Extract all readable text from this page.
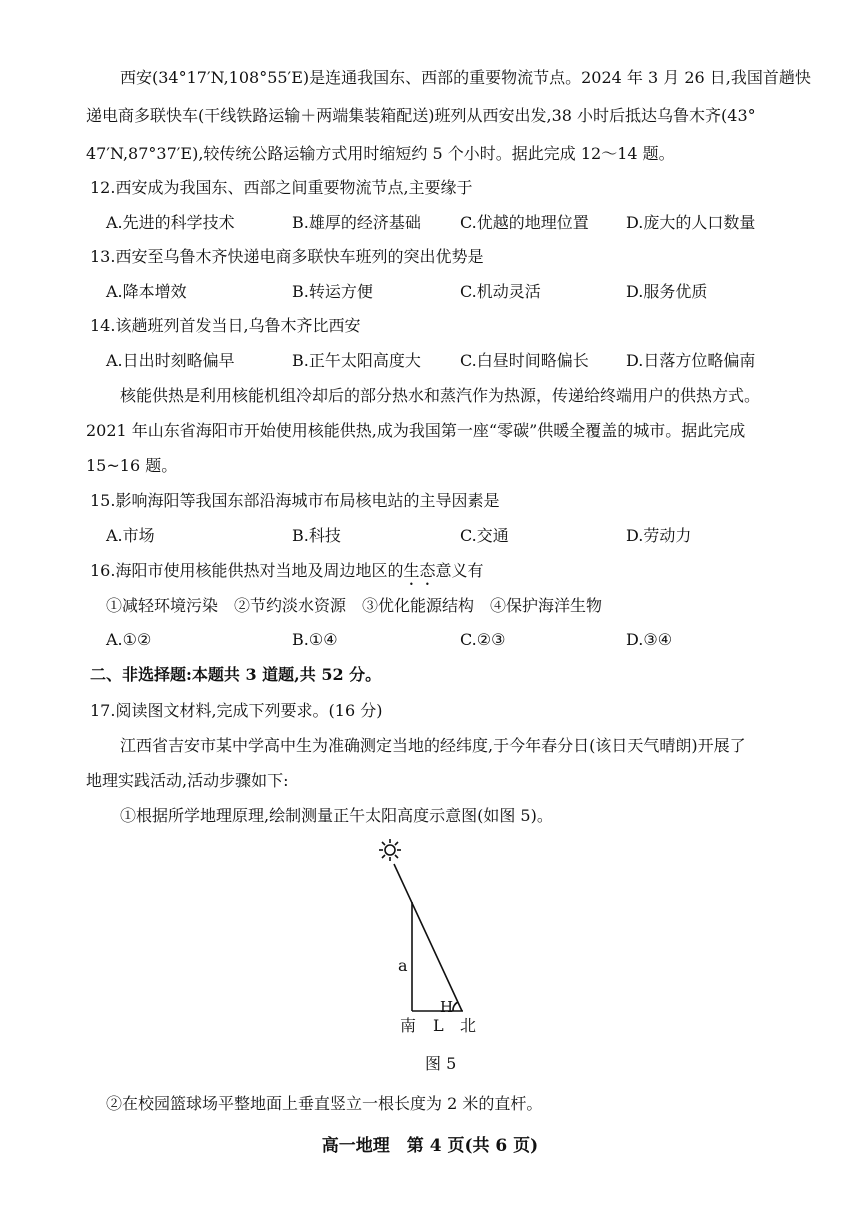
西安(34°17′N,108°55′E)是连通我国东、西部的重要物流节点。2024 年 3 月 26 日,我国首趟快
递电商多联快车(干线铁路运输＋两端集装箱配送)班列从西安出发,38 小时后抵达乌鲁木齐(43°
47′N,87°37′E),较传统公路运输方式用时缩短约 5 个小时。据此完成 12～14 题。
12.西安成为我国东、西部之间重要物流节点,主要缘于
A.先进的科学技术	B.雄厚的经济基础 C.优越的地理位置 D.庞大的人口数量
13.西安至乌鲁木齐快递电商多联快车班列的突出优势是
A.降本增效	B.转运方便	C.机动灵活	D.服务优质
14.该趟班列首发当日,乌鲁木齐比西安
A.日出时刻略偏早	B.正午太阳高度大 C.白昼时间略偏长 D.日落方位略偏南
核能供热是利用核能机组冷却后的部分热水和蒸汽作为热源，传递给终端用户的供热方式。
2021 年山东省海阳市开始使用核能供热,成为我国第一座“零碳”供暖全覆盖的城市。据此完成
15~16 题。
15.影响海阳等我国东部沿海城市布局核电站的主导因素是
A.市场	B.科技	C.交通	D.劳动力
16.海阳市使用核能供热对当地及周边地区的生态意义有
①减轻环境污染　②节约淡水资源　③优化能源结构　④保护海洋生物
A.①②	B.①④	C.②③	D.③④
二、非选择题:本题共 3 道题,共 52 分。
17.阅读图文材料,完成下列要求。(16 分)
江西省吉安市某中学高中生为准确测定当地的经纬度,于今年春分日(该日天气晴朗)开展了
地理实践活动,活动步骤如下:
①根据所学地理原理,绘制测量正午太阳高度示意图(如图 5)。
a
H
南 L 北
图 5
②在校园篮球场平整地面上垂直竖立一根长度为 2 米的直杆。
高一地理　第 4 页(共 6 页)
